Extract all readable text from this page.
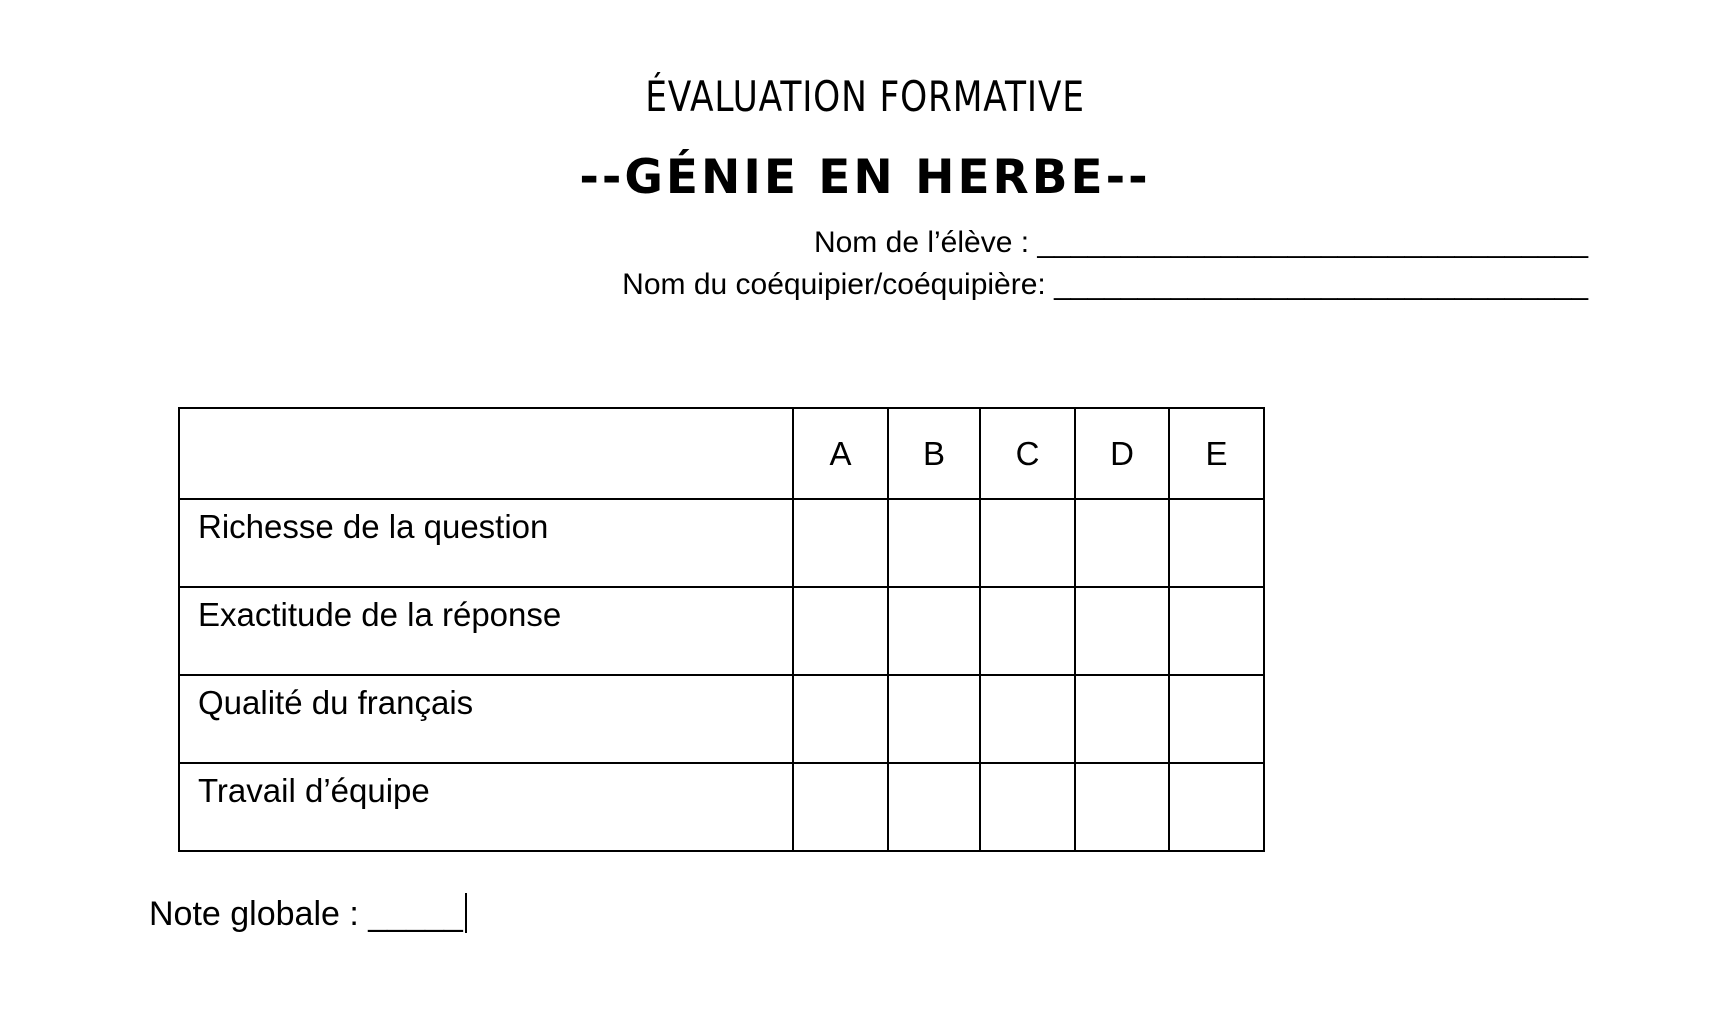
ÉVALUATION FORMATIVE
--GÉNIE EN HERBE--
Nom de l’élève : _________________________________
Nom du coéquipier/coéquipière: ________________________________
	A	B	C	D	E
Richesse de la question					
Exactitude de la réponse					
Qualité du français					
Travail d’équipe					
Note globale : _____
